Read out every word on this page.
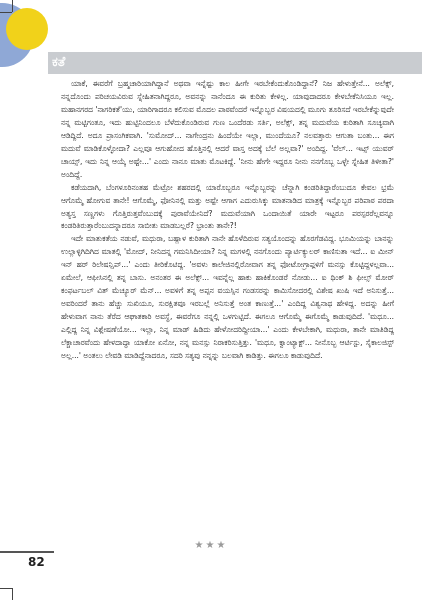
ಕತೆ

ಯಾಕೆ, ಈವರೆಗೆ ಬ್ರಹ್ಮಚಾರಿಯಾಗಿದ್ದಾನೆ ಅಥವಾ ಇನ್ನೆಷ್ಟು ಕಾಲ ಹೀಗೇ ಇರಬೇಕೆಂದುಕೊಂಡಿದ್ದಾನೆ? ನಿಜ ಹೇಳುತ್ತೇನೆ... ಅಲೆಕ್ಸ್, ನನ್ನದೊಂದು ಪರಿಚಯವಿರುವ ಸ್ನೇಹಿತನಾಗಿದ್ದರೂ, ಅವನನ್ನು ನಾನೆಂದೂ ಈ ಕುರಿತು ಕೇಳಿಲ್ಲ. ಯಾವುದಾದರೂ ಕೇಳಬೇಕೆನಿಸಿಯೂ ಇಲ್ಲ. ಮಹಾನಗರದ 'ನಾಗರಿಕತೆ'ಯು, ಯಾರಿಗಾದರೂ ಕಲಿಸುವ ಮೊದಲ ಪಾಠವೆಂದರೆ ಇನ್ನೊಬ್ಬರ ವಿಷಯದಲ್ಲಿ ಮೂಗು ತೂರಿಸದೆ ಇರಬೇಕೆನ್ನುವುದೇ ನನ್ನ ಮಟ್ಟಿಗಂತೂ, ಇದು ಹುಟ್ಟಿನಿಂದಲೂ ಬೆಳೆದುಕೊಂಡಿರುವ ಗುಣ ಒಂದೆರಡು ಸರ್ತಿ, ಅಲೆಕ್ಸ್, ತನ್ನ ಮದುವೆಯ ಕುರಿತಾಗಿ ಸೂಚ್ಯವಾಗಿ ಆಡಿದ್ದಿದೆ. ಅದೂ ಪ್ರಾಸಂಗಿಕವಾಗಿ. 'ಸುಮೋದ್... ನಾಗೇಂದ್ರನು ಹಿಂದೆಯೇ ಇಲ್ಲಾ, ಮುಂದೆಯೂ? ನಲವತ್ತಾರು ಆಗುತಾ ಬಂತು... ಈಗ ಮದುವೆ ಮಾಡಿಕೊಳ್ಳೋದಾ? ಎಲ್ಲವೂ ಆಗುಹೋದ ಹೊತ್ತಿನಲ್ಲಿ ಆದರೆ ವಾಸ್ತ ಅದಕ್ಕೆ ಬೆಲೆ ಅಲ್ಲವಾ?' ಅಂದಿದ್ದ. 'ವೆಲ್... ಇಟ್ಸ್ ಯುವರ್ ಚಾಯ್ಸ್, ಇದು ನಿನ್ನ ಆಯ್ಕೆ ಅಷ್ಟೇ...' ಎಂದು ನಾನೂ ಮಾತು ಮೊಟಕಿದ್ದೆ. 'ನೀನು ಹೇಗೇ ಇದ್ದರೂ ನೀನು ನನಗೊಬ್ಬ ಒಳ್ಳೇ ಸ್ನೇಹಿತ ತಿಳೀತಾ?' ಅಂದಿದ್ದೆ.

ಕಡೆಯದಾಗಿ, ಬೆಂಗಳೂರಿನಂತಹ ಮೆಟ್ರೋ ಶಹರದಲ್ಲಿ ಯಾರೊಬ್ಬರೂ ಇನ್ನೊಬ್ಬರನ್ನು ಚೆನ್ನಾಗಿ ಕಂಡರಿತಿದ್ದಾರೆಂಬುದೂ ಕೇವಲ ಭ್ರಮೆ ಆಗೊಮ್ಮೆ ಹೋಗುವ ತಾನೇ! ಆಗೊಮ್ಮೆ, ಫೋನಿನಲ್ಲಿ ಮತ್ತು ಅಷ್ಟೇ ಆಗಾಗ ಎದುರುಸಿಕ್ಕು ಮಾತನಾಡಿದ ಮಾತ್ರಕ್ಕೆ ಇನ್ನೊಬ್ಬರ ಪರಿಪಾಠ ಪರದಾ ಅತ್ಯಸ್ತ ಸಣ್ಣಗಳು ಗೊತ್ತಿರುತ್ತವೆಂಬುದಕ್ಕೆ ಪುರಾವೆಯೇನಿದೆ? ಮದುವೆಯಾಗಿ ಒಂದಾಯಿತೆ ಯಾರೇ ಇಟ್ಟರೂ ಪರಸ್ಪರರೆಲ್ಲವನ್ನೂ ಕಂಡರಿತಿರುತ್ತಾರೆಂಬುದನ್ನಾದರೂ ಸಾಬೀತು ಮಾಡಬಲ್ಲರೆ? ಭ್ರಾಂತು ತಾನೇ?!

ಇದೇ ಮಾತುಕತೆಯ ನಡುವೆ, ಮಧುರಾ, ಬಹ್ಲಾಳ ಕುರಿತಾಗಿ ನಾನೇ ಹೊಳೆದಿರುವ ಸತ್ಯಯೊಂದನ್ನು ಹೊರಗೆಡವಿದ್ದ. ಭೂಮಿಯನ್ನು ಬಾನನ್ನು ಉಲ್ಲಾಳ್ಳಿಗಿದಿಗಿದ ಮಾತಲ್ಲಿ 'ಮೋದ್, ನೀನಿದನ್ನ ಗಮನಿಸಿದೀಯಾ? ನಿನ್ನ ಮಗಳಲ್ಲಿ ನನಗೊಂದು ಪ್ಯಾರ್ಟಿಕ್ಯುಲರ್ ಕಾಣಿಸುತಾ ಇದೆ... ಐ ಮೀನ್ ಇನ್ ಹರ್ ರಿಲೇಷನ್ಷಿಪ್...' ಎಂದು ತೀರಿಕೊಟಿದ್ದ. 'ಅವಳು ಕಾಲೇಜಿನಲ್ಲಿರೋವಾಗ ತನ್ನ ಫೋಟೋಗ್ರಾಫ್ಗಳಿಗೆ ಮನಸ್ಸು ಕೊಟ್ಟಿದ್ದಳಲ್ಲವಾ... ಏಮೇಲೆ, ಆಫೀಸಿನಲ್ಲಿ ತನ್ನ ಬಾಸು. ಅನಂತರ ಈ ಅಲೆಕ್ಸ್... ಇವನ್ನೆಲ್ಲ ಹಾಕು ಹಾಕಿಕೊಂಡರೆ ನೋಡು... ಐ ಥಿಂಕ್ ಶಿ ಫೀಲ್ಸ್ ಮೋರ್ ಕಂಫರ್ಟಬಲ್ ವಿತ್ ಮೆಚ್ಯೂರ್ ಮೆನ್... ಅವಳಿಗೆ ತನ್ನ ಅಪ್ಪನ ವಯಸ್ಸಿನ ಗಂಡಸರನ್ನು ಕಾಮಿಸೋದರಲ್ಲಿ ವಿಶೇಷ ಖುಷಿ ಇದೆ ಅನಿಸುತ್ತೆ... ಅವರಿಂದರೆ ತಾನು ಹೆಚ್ಚು ಸುಖಿಯೂ, ಸುರಕ್ಷಿತವೂ ಇರಬಲ್ಲೆ ಅನಿಸುತ್ತೆ ಅಂತ ಕಾಣುತ್ತೆ...' ಎಂದಿದ್ದ ವಿಶ್ವನಾಥ ಹೇಳಿದ್ದ. ಅದನ್ನು ಹೀಗೆ ಹೇಳುವಾಗ ನಾನು ತೆರೆದ ಆಘಾತಕಾರಿ ಅವಸ್ಥೆ, ಈವರೆಗೂ ನನ್ನಲ್ಲಿ ಒಳಗುಟ್ಟಿದೆ. ಈಗಲೂ ಆಗೊಮ್ಮೆ ಈಗೊಮ್ಮೆ ಕಾಡುವುದಿದೆ. 'ಮಧೂ... ಎಲ್ಲಿದ್ದ ನಿನ್ನ ವಿಶ್ಲೇಷಣೆಯೋ... ಇಲ್ಲಾ, ನಿನ್ನ ಮಾಡ್ ಹಿಡಿದು ಹೇಳೋದರಿದ್ದೀಯಾ...' ಎಂದು ಕೇಳಬೇಕಾಗಿ, ಮಧುರಾ, ತಾನೇ ಮಾತಿಡಿದ್ದ ಲೆಕ್ಚಾಚಾರವೆಂದು ಹೇಳದಾದ್ಧಾ ಯಾಕೋ ಏನೋ, ನನ್ನ ಮನಸ್ಸು ನಿರಾಕರಿಸುತ್ತಿತ್ತು. 'ಮಧೂ, ಕ್ವಾಂಟ್ಯಾಕ್ಟ್... ನೀನೊಬ್ಬ ಆರ್ಟಿಸ್ಟು, ಸೈಕಾಲಜಿಸ್ಟ್ ಅಲ್ಲ...' ಅಂತಲು ಲೇವಡಿ ಮಾಡಿದ್ದೆನಾದರೂ, ಸದರಿ ಸತ್ಯವು ನನ್ನನ್ನು ಬಲವಾಗಿ ಕಾಡಿತ್ತು. ಈಗಲೂ ಕಾಡುವುದಿದೆ.

★★★
82
